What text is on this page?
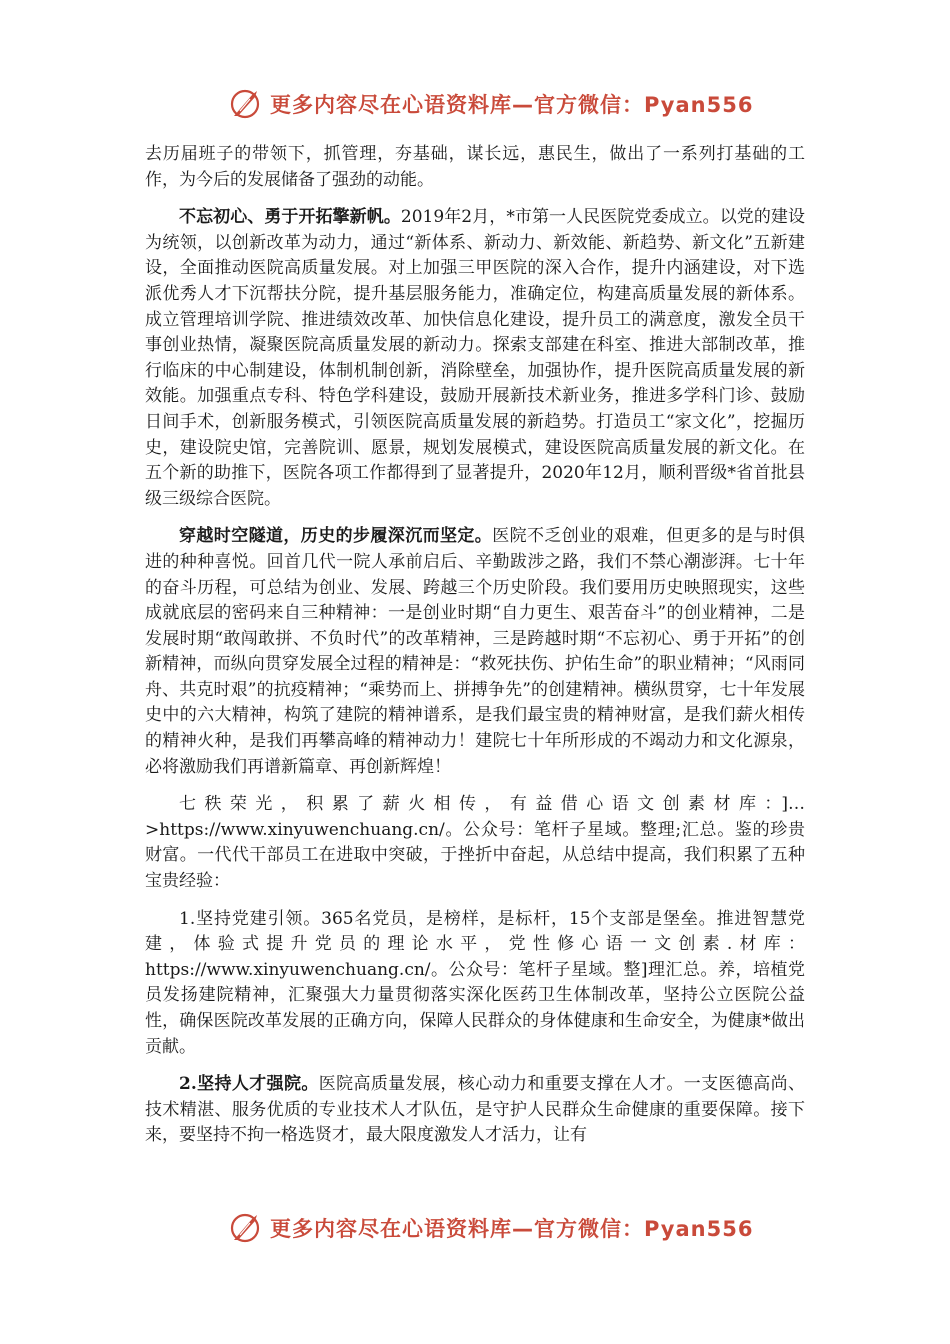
更多内容尽在心语资料库—官方微信：Pyan556

去历届班子的带领下，抓管理，夯基础，谋长远，惠民生，做出了一系列打基础的工作，为今后的发展储备了强劲的动能。

不忘初心、勇于开拓擎新帆。2019年2月，*市第一人民医院党委成立。以党的建设为统领，以创新改革为动力，通过“新体系、新动力、新效能、新趋势、新文化”五新建设，全面推动医院高质量发展。对上加强三甲医院的深入合作，提升内涵建设，对下选派优秀人才下沉帮扶分院，提升基层服务能力，准确定位，构建高质量发展的新体系。成立管理培训学院、推进绩效改革、加快信息化建设，提升员工的满意度，激发全员干事创业热情，凝聚医院高质量发展的新动力。探索支部建在科室、推进大部制改革，推行临床的中心制建设，体制机制创新，消除壁垒，加强协作，提升医院高质量发展的新效能。加强重点专科、特色学科建设，鼓励开展新技术新业务，推进多学科门诊、鼓励日间手术，创新服务模式，引领医院高质量发展的新趋势。打造员工“家文化”，挖掘历史，建设院史馆，完善院训、愿景，规划发展模式，建设医院高质量发展的新文化。在五个新的助推下，医院各项工作都得到了显著提升，2020年12月，顺利晋级*省首批县级三级综合医院。

穿越时空隧道，历史的步履深沉而坚定。医院不乏创业的艰难，但更多的是与时俱进的种种喜悦。回首几代一院人承前启后、辛勤跋涉之路，我们不禁心潮澎湃。七十年的奋斗历程，可总结为创业、发展、跨越三个历史阶段。我们要用历史映照现实，这些成就底层的密码来自三种精神：一是创业时期“自力更生、艰苦奋斗”的创业精神，二是发展时期“敢闯敢拼、不负时代”的改革精神，三是跨越时期“不忘初心、勇于开拓”的创新精神，而纵向贯穿发展全过程的精神是：“救死扶伤、护佑生命”的职业精神；“风雨同舟、共克时艰”的抗疫精神；“乘势而上、拼搏争先”的创建精神。横纵贯穿，七十年发展史中的六大精神，构筑了建院的精神谱系，是我们最宝贵的精神财富，是我们薪火相传的精神火种，是我们再攀高峰的精神动力！建院七十年所形成的不竭动力和文化源泉，必将激励我们再谱新篇章、再创新辉煌！

七秩荣光，积累了薪火相传，有益借心语文创素材库：]…>https://www.xinyuwenchuang.cn/。公众号：笔杆子星域。整理;汇总。鉴的珍贵财富。一代代干部员工在进取中突破，于挫折中奋起，从总结中提高，我们积累了五种宝贵经验：

1.坚持党建引领。365名党员，是榜样，是标杆，15个支部是堡垒。推进智慧党建，体验式提升党员的理论水平，党性修心语一文创素.材库：https://www.xinyuwenchuang.cn/。公众号：笔杆子星域。整]理汇总。养，培植党员发扬建院精神，汇聚强大力量贯彻落实深化医药卫生体制改革，坚持公立医院公益性，确保医院改革发展的正确方向，保障人民群众的身体健康和生命安全，为健康*做出贡献。

2.坚持人才强院。医院高质量发展，核心动力和重要支撑在人才。一支医德高尚、技术精湛、服务优质的专业技术人才队伍，是守护人民群众生命健康的重要保障。接下来，要坚持不拘一格选贤才，最大限度激发人才活力，让有

更多内容尽在心语资料库—官方微信：Pyan556
